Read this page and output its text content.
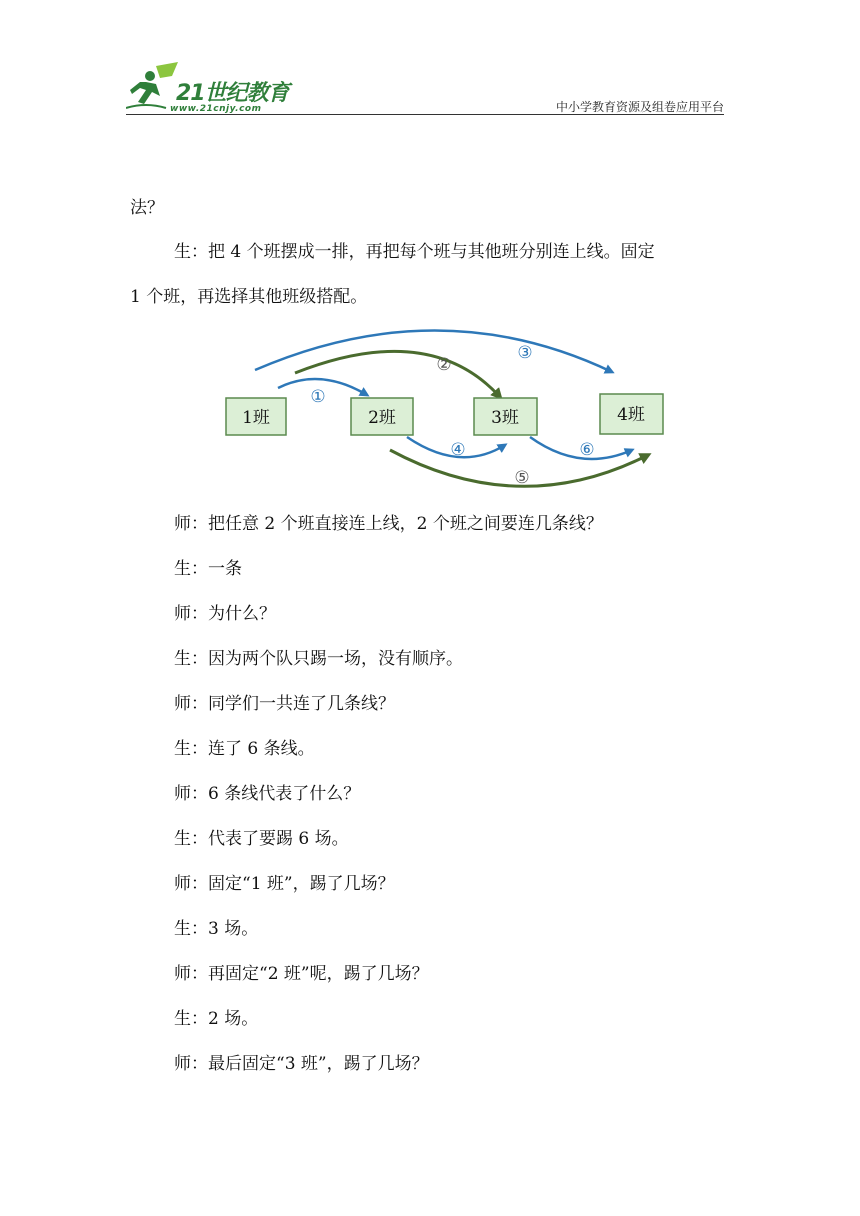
21世纪教育
www.21cnjy.com	中小学教育资源及组卷应用平台
法？
生：把 4 个班摆成一排，再把每个班与其他班分别连上线。固定
1 个班，再选择其他班级搭配。
1班	2班	3班	4班
①
②
③
④
⑤
⑥
师：把任意 2 个班直接连上线，2 个班之间要连几条线？
生：一条
师：为什么？
生：因为两个队只踢一场，没有顺序。
师：同学们一共连了几条线？
生：连了 6 条线。
师：6 条线代表了什么？
生：代表了要踢 6 场。
师：固定“1 班”，踢了几场？
生：3 场。
师：再固定“2 班”呢，踢了几场？
生：2 场。
师：最后固定“3 班”，踢了几场？
